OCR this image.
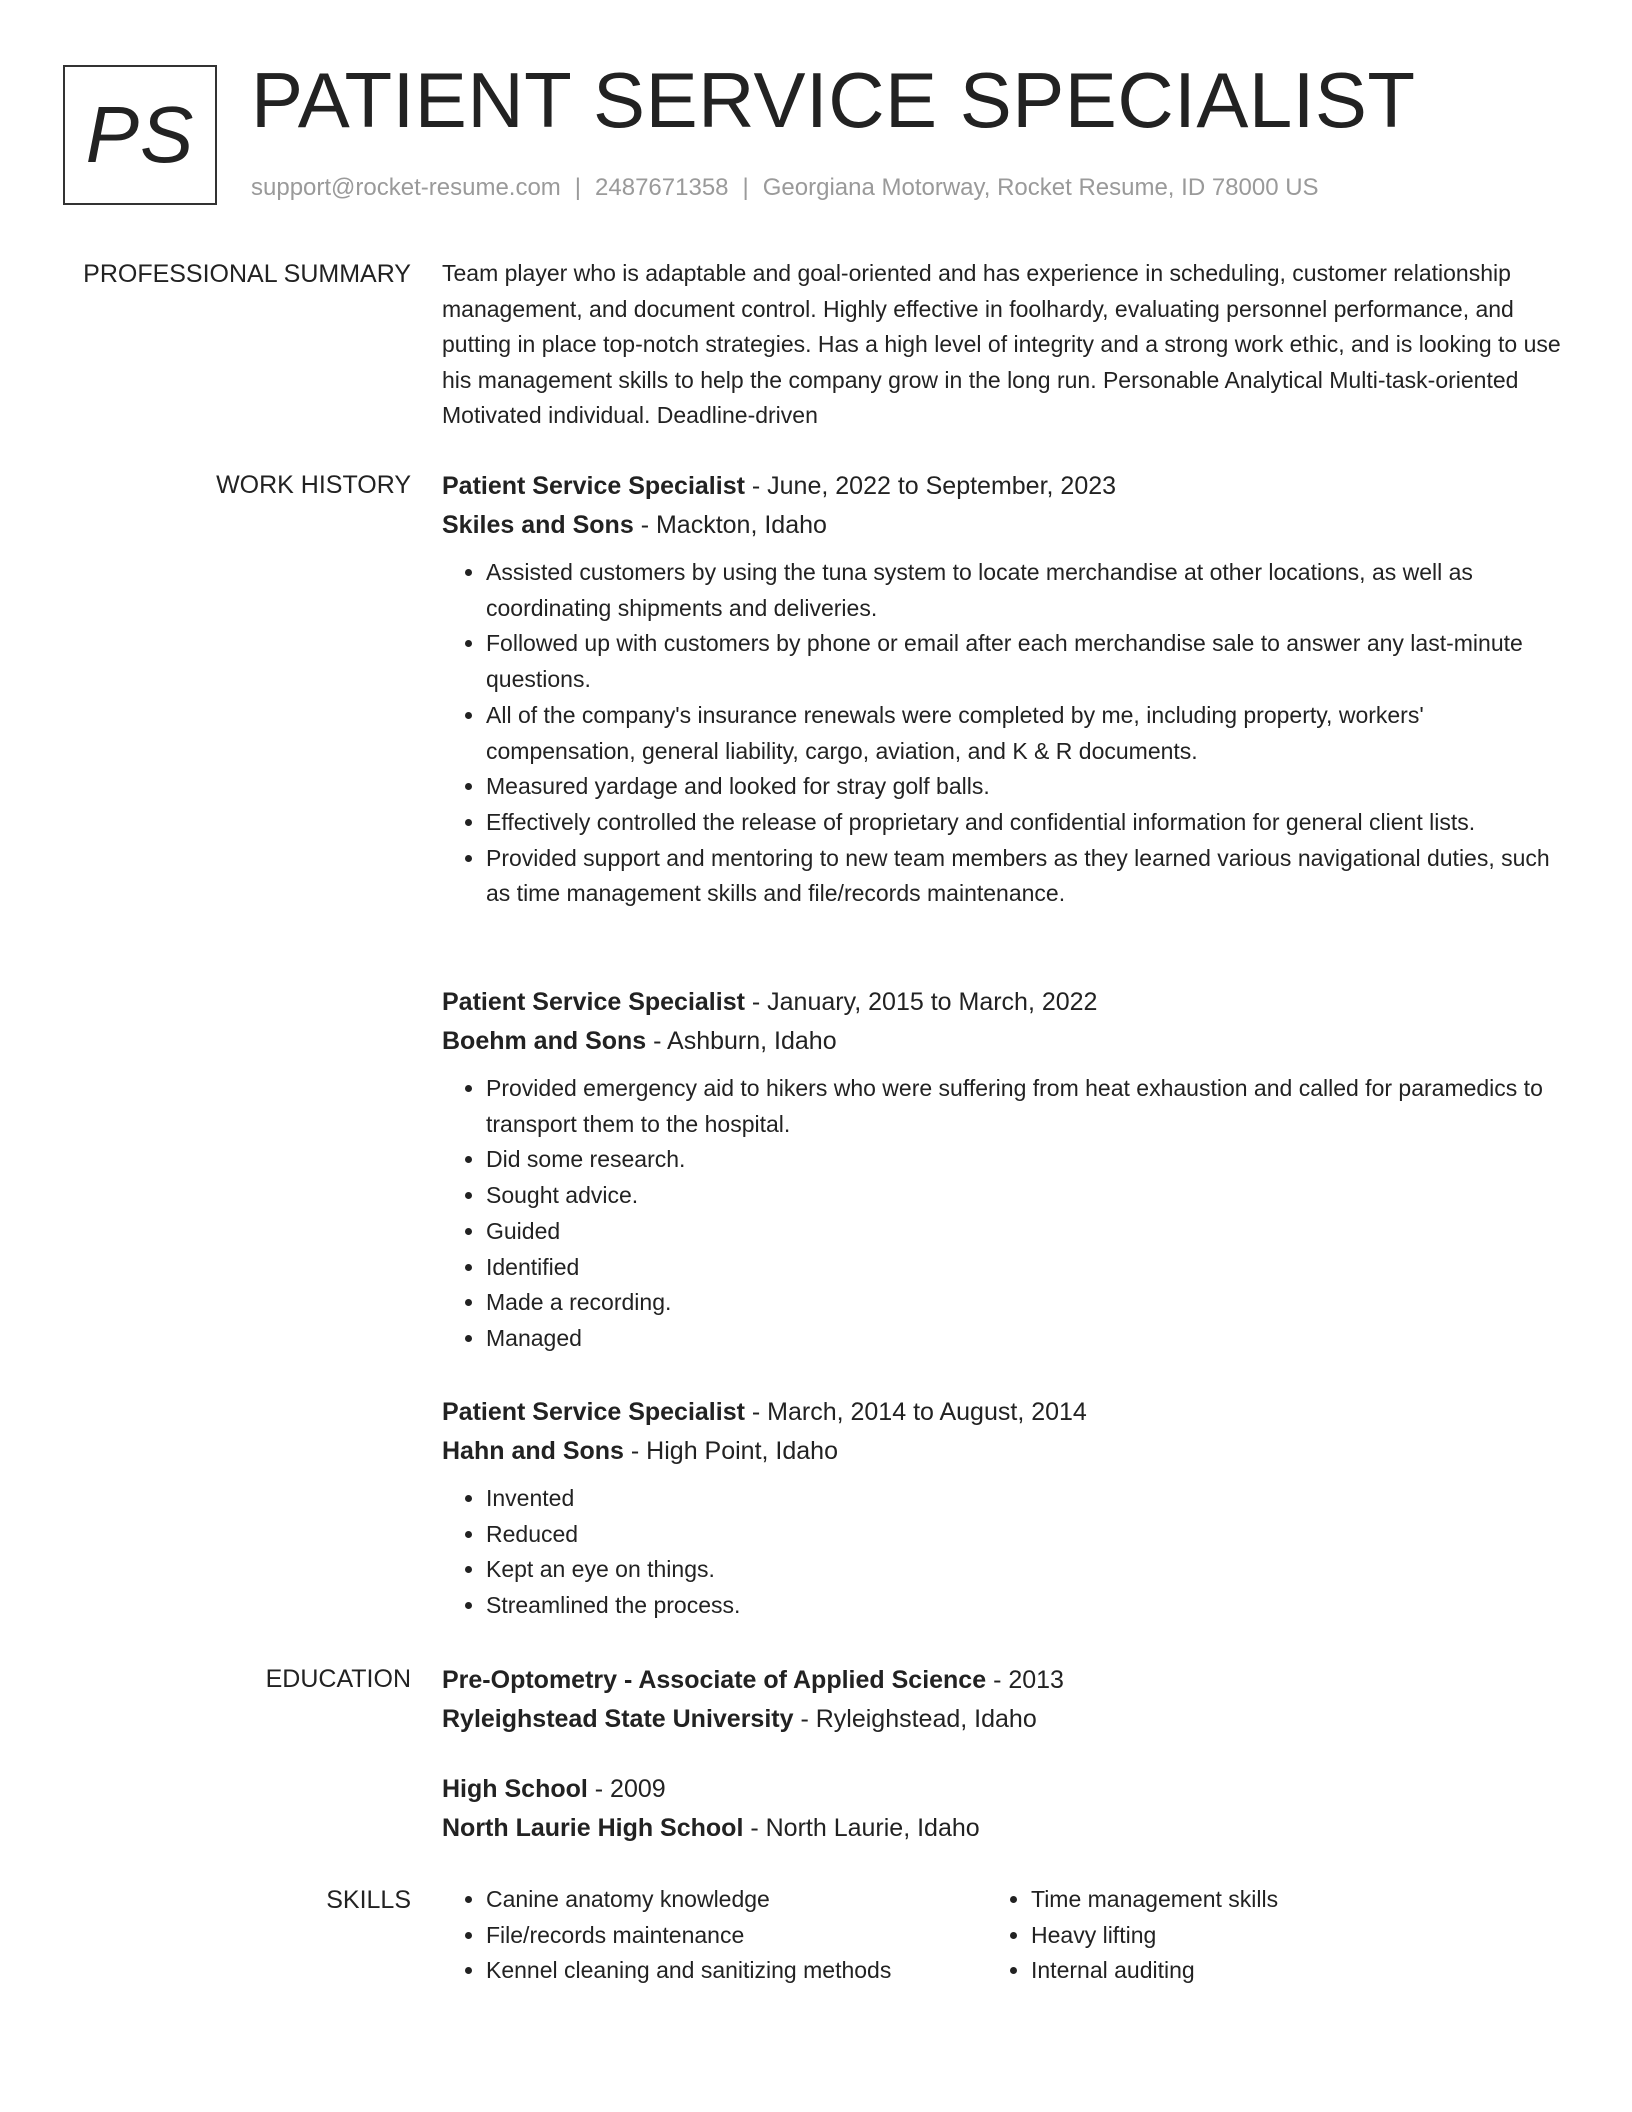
PS PATIENT SERVICE SPECIALIST
support@rocket-resume.com | 2487671358 | Georgiana Motorway, Rocket Resume, ID 78000 US
PROFESSIONAL SUMMARY Team player who is adaptable and goal-oriented and has experience in scheduling, customer relationship management, and document control. Highly effective in foolhardy, evaluating personnel performance, and putting in place top-notch strategies. Has a high level of integrity and a strong work ethic, and is looking to use his management skills to help the company grow in the long run. Personable Analytical Multi-task-oriented Motivated individual. Deadline-driven

WORK HISTORY Patient Service Specialist - June, 2022 to September, 2023
Skiles and Sons - Mackton, Idaho
• Assisted customers by using the tuna system to locate merchandise at other locations, as well as coordinating shipments and deliveries.
• Followed up with customers by phone or email after each merchandise sale to answer any last-minute questions.
• All of the company's insurance renewals were completed by me, including property, workers' compensation, general liability, cargo, aviation, and K & R documents.
• Measured yardage and looked for stray golf balls.
• Effectively controlled the release of proprietary and confidential information for general client lists.
• Provided support and mentoring to new team members as they learned various navigational duties, such as time management skills and file/records maintenance.
Patient Service Specialist - January, 2015 to March, 2022
Boehm and Sons - Ashburn, Idaho
• Provided emergency aid to hikers who were suffering from heat exhaustion and called for paramedics to transport them to the hospital.
• Did some research.
• Sought advice.
• Guided
• Identified
• Made a recording.
• Managed
Patient Service Specialist - March, 2014 to August, 2014
Hahn and Sons - High Point, Idaho
• Invented
• Reduced
• Kept an eye on things.
• Streamlined the process.
EDUCATION Pre-Optometry - Associate of Applied Science - 2013
Ryleighstead State University - Ryleighstead, Idaho
High School - 2009
North Laurie High School - North Laurie, Idaho
SKILLS
•	Canine anatomy knowledge
• File/records maintenance
• Kennel cleaning and sanitizing methods
• Time management skills
• Heavy lifting
• Internal auditing
